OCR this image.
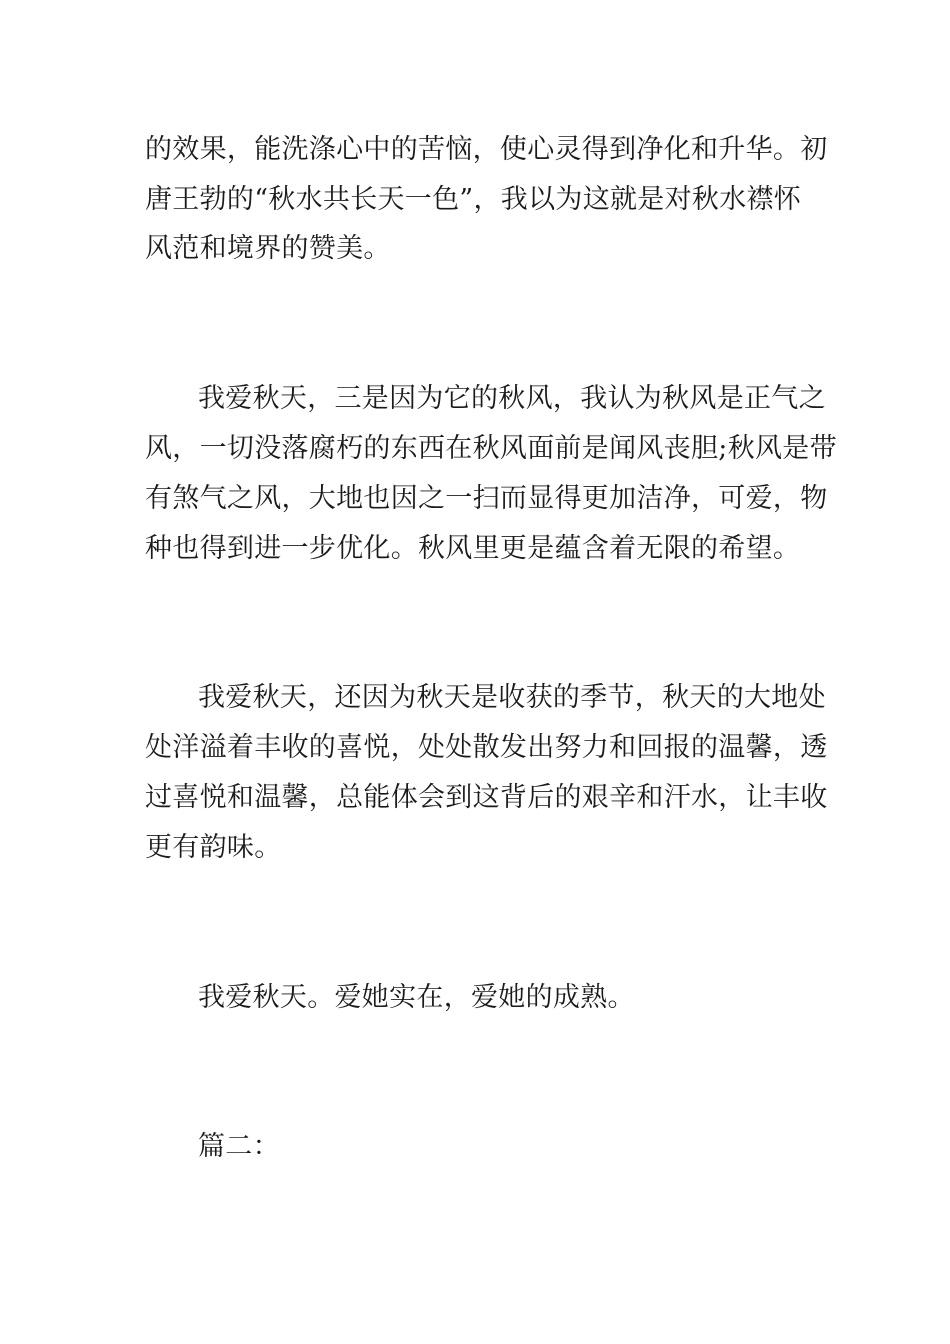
的效果，能洗涤心中的苦恼，使心灵得到净化和升华。初
唐王勃的“秋水共长天一色”，我以为这就是对秋水襟怀
风范和境界的赞美。
我爱秋天，三是因为它的秋风，我认为秋风是正气之
风，一切没落腐朽的东西在秋风面前是闻风丧胆;秋风是带
有煞气之风，大地也因之一扫而显得更加洁净，可爱，物
种也得到进一步优化。秋风里更是蕴含着无限的希望。
我爱秋天，还因为秋天是收获的季节，秋天的大地处
处洋溢着丰收的喜悦，处处散发出努力和回报的温馨，透
过喜悦和温馨，总能体会到这背后的艰辛和汗水，让丰收
更有韵味。
我爱秋天。爱她实在，爱她的成熟。
篇二：
